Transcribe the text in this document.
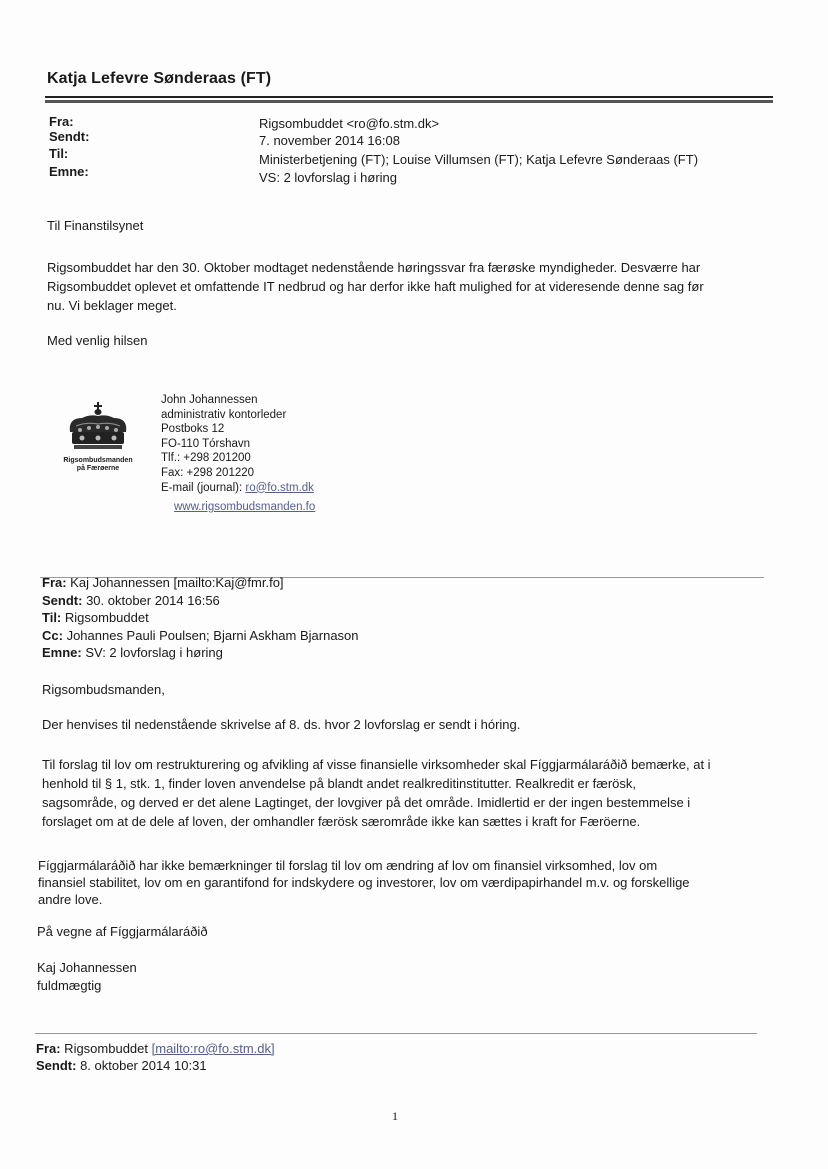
Katja Lefevre Sønderaas (FT)
Fra:	Rigsombuddet <ro@fo.stm.dk>
Sendt:	7. november 2014 16:08
Til:	Ministerbetjening (FT); Louise Villumsen (FT); Katja Lefevre Sønderaas (FT)
Emne:	VS: 2 lovforslag i høring
Til Finanstilsynet
Rigsombuddet har den 30. Oktober modtaget nedenstående høringssvar fra færøske myndigheder. Desværre har
Rigsombuddet oplevet et omfattende IT nedbrud og har derfor ikke haft mulighed for at videresende denne sag før
nu. Vi beklager meget.
Med venlig hilsen
Rigsombudsmanden
på Færøerne
John Johannessen
administrativ kontorleder
Postboks 12
FO-110 Tórshavn
Tlf.: +298 201200
Fax: +298 201220
E-mail (journal): ro@fo.stm.dk
www.rigsombudsmanden.fo
Fra: Kaj Johannessen [mailto:Kaj@fmr.fo]
Sendt: 30. oktober 2014 16:56
Til: Rigsombuddet
Cc: Johannes Pauli Poulsen; Bjarni Askham Bjarnason
Emne: SV: 2 lovforslag i høring
Rigsombudsmanden,
Der henvises til nedenstående skrivelse af 8. ds. hvor 2 lovforslag er sendt i hóring.
Til forslag til lov om restrukturering og afvikling af visse finansielle virksomheder skal Fíggjarmálaráðið bemærke, at i
henhold til § 1, stk. 1, finder loven anvendelse på blandt andet realkreditinstitutter. Realkredit er færösk,
sagsområde, og derved er det alene Lagtinget, der lovgiver på det område. Imidlertid er der ingen bestemmelse i
forslaget om at de dele af loven, der omhandler færösk særområde ikke kan sættes i kraft for Færöerne.
Fíggjarmálaráðið har ikke bemærkninger til forslag til lov om ændring af lov om finansiel virksomhed, lov om
finansiel stabilitet, lov om en garantifond for indskydere og investorer, lov om værdipapirhandel m.v. og forskellige
andre love.
På vegne af Fíggjarmálaráðið
Kaj Johannessen
fuldmægtig
Fra: Rigsombuddet [mailto:ro@fo.stm.dk]
Sendt: 8. oktober 2014 10:31
1
